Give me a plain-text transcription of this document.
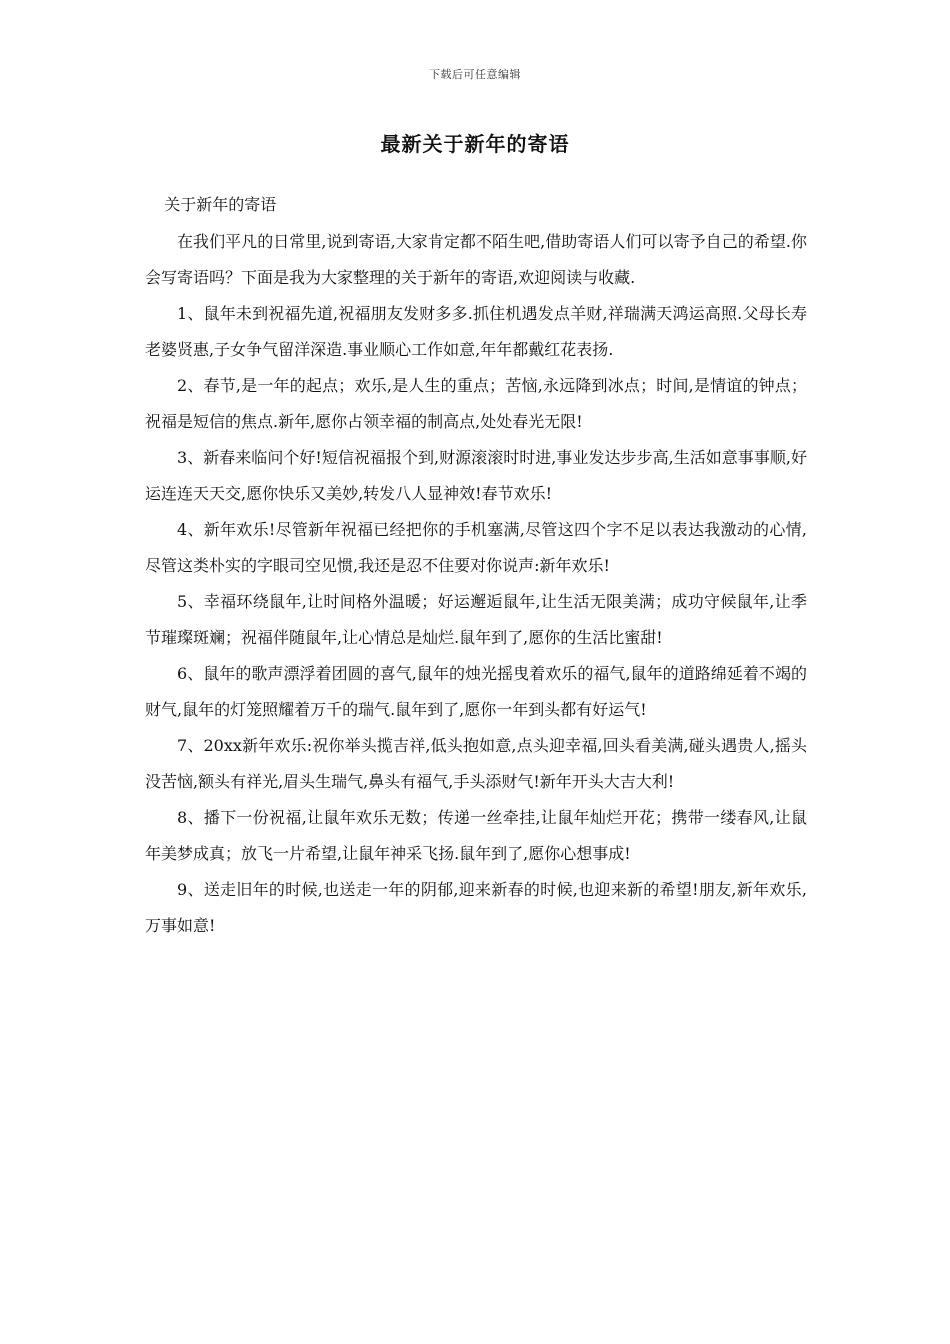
下载后可任意编辑
最新关于新年的寄语

关于新年的寄语

在我们平凡的日常里,说到寄语,大家肯定都不陌生吧,借助寄语人们可以寄予自己的希望.你会写寄语吗？下面是我为大家整理的关于新年的寄语,欢迎阅读与收藏.

1、鼠年未到祝福先道,祝福朋友发财多多.抓住机遇发点羊财,祥瑞满天鸿运高照.父母长寿老婆贤惠,子女争气留洋深造.事业顺心工作如意,年年都戴红花表扬.

2、春节,是一年的起点；欢乐,是人生的重点；苦恼,永远降到冰点；时间,是情谊的钟点；祝福是短信的焦点.新年,愿你占领幸福的制高点,处处春光无限!

3、新春来临问个好!短信祝福报个到,财源滚滚时时进,事业发达步步高,生活如意事事顺,好运连连天天交,愿你快乐又美妙,转发八人显神效!春节欢乐!

4、新年欢乐!尽管新年祝福已经把你的手机塞满,尽管这四个字不足以表达我激动的心情,尽管这类朴实的字眼司空见惯,我还是忍不住要对你说声:新年欢乐!

5、幸福环绕鼠年,让时间格外温暖；好运邂逅鼠年,让生活无限美满；成功守候鼠年,让季节璀璨斑斓；祝福伴随鼠年,让心情总是灿烂.鼠年到了,愿你的生活比蜜甜!

6、鼠年的歌声漂浮着团圆的喜气,鼠年的烛光摇曳着欢乐的福气,鼠年的道路绵延着不竭的财气,鼠年的灯笼照耀着万千的瑞气.鼠年到了,愿你一年到头都有好运气!

7、20xx新年欢乐:祝你举头揽吉祥,低头抱如意,点头迎幸福,回头看美满,碰头遇贵人,摇头没苦恼,额头有祥光,眉头生瑞气,鼻头有福气,手头添财气!新年开头大吉大利!

8、播下一份祝福,让鼠年欢乐无数；传递一丝牵挂,让鼠年灿烂开花；携带一缕春风,让鼠年美梦成真；放飞一片希望,让鼠年神采飞扬.鼠年到了,愿你心想事成!

9、送走旧年的时候,也送走一年的阴郁,迎来新春的时候,也迎来新的希望!朋友,新年欢乐,万事如意!
